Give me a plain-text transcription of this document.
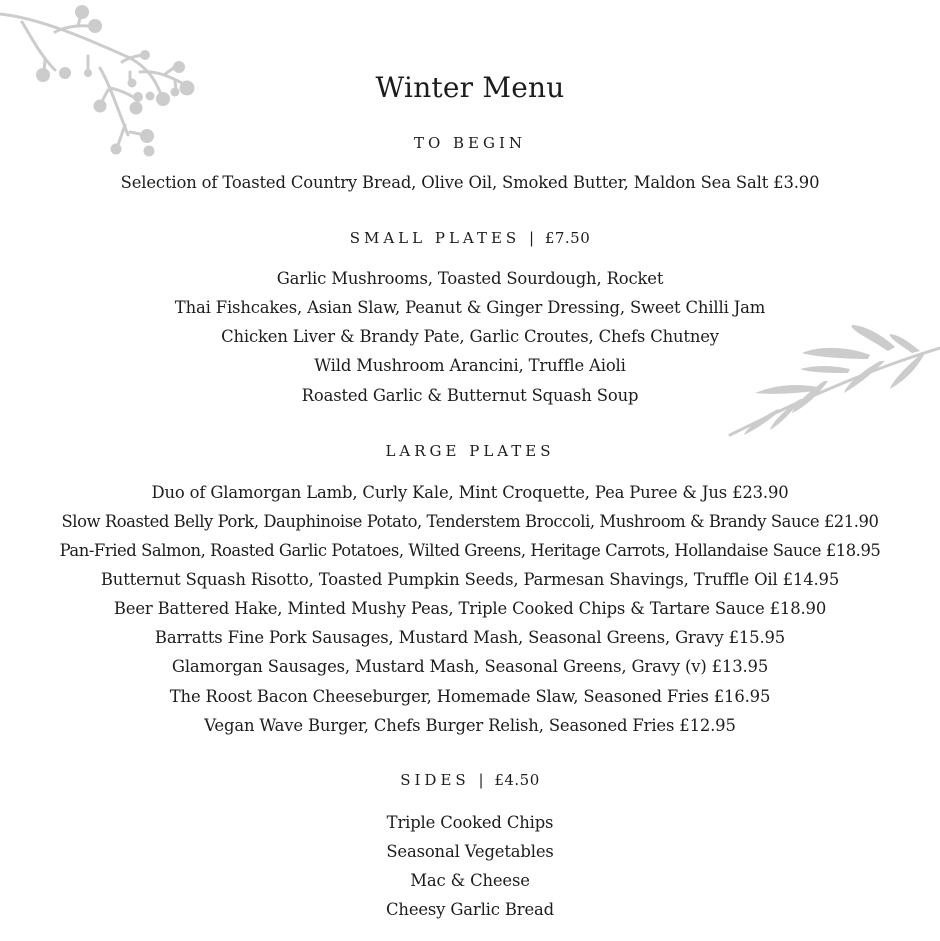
Winter Menu
TO BEGIN
Selection of Toasted Country Bread, Olive Oil, Smoked Butter, Maldon Sea Salt £3.90
SMALL PLATES | £7.50
Garlic Mushrooms, Toasted Sourdough, Rocket
Thai Fishcakes, Asian Slaw, Peanut & Ginger Dressing, Sweet Chilli Jam
Chicken Liver & Brandy Pate, Garlic Croutes, Chefs Chutney
Wild Mushroom Arancini, Truffle Aioli
Roasted Garlic & Butternut Squash Soup
LARGE PLATES
Duo of Glamorgan Lamb, Curly Kale, Mint Croquette, Pea Puree & Jus £23.90
Slow Roasted Belly Pork, Dauphinoise Potato, Tenderstem Broccoli, Mushroom & Brandy Sauce £21.90
Pan-Fried Salmon, Roasted Garlic Potatoes, Wilted Greens, Heritage Carrots, Hollandaise Sauce £18.95
Butternut Squash Risotto, Toasted Pumpkin Seeds, Parmesan Shavings, Truffle Oil £14.95
Beer Battered Hake, Minted Mushy Peas, Triple Cooked Chips & Tartare Sauce £18.90
Barratts Fine Pork Sausages, Mustard Mash, Seasonal Greens, Gravy £15.95
Glamorgan Sausages, Mustard Mash, Seasonal Greens, Gravy (v) £13.95
The Roost Bacon Cheeseburger, Homemade Slaw, Seasoned Fries £16.95
Vegan Wave Burger, Chefs Burger Relish, Seasoned Fries £12.95
SIDES | £4.50
Triple Cooked Chips
Seasonal Vegetables
Mac & Cheese
Cheesy Garlic Bread
